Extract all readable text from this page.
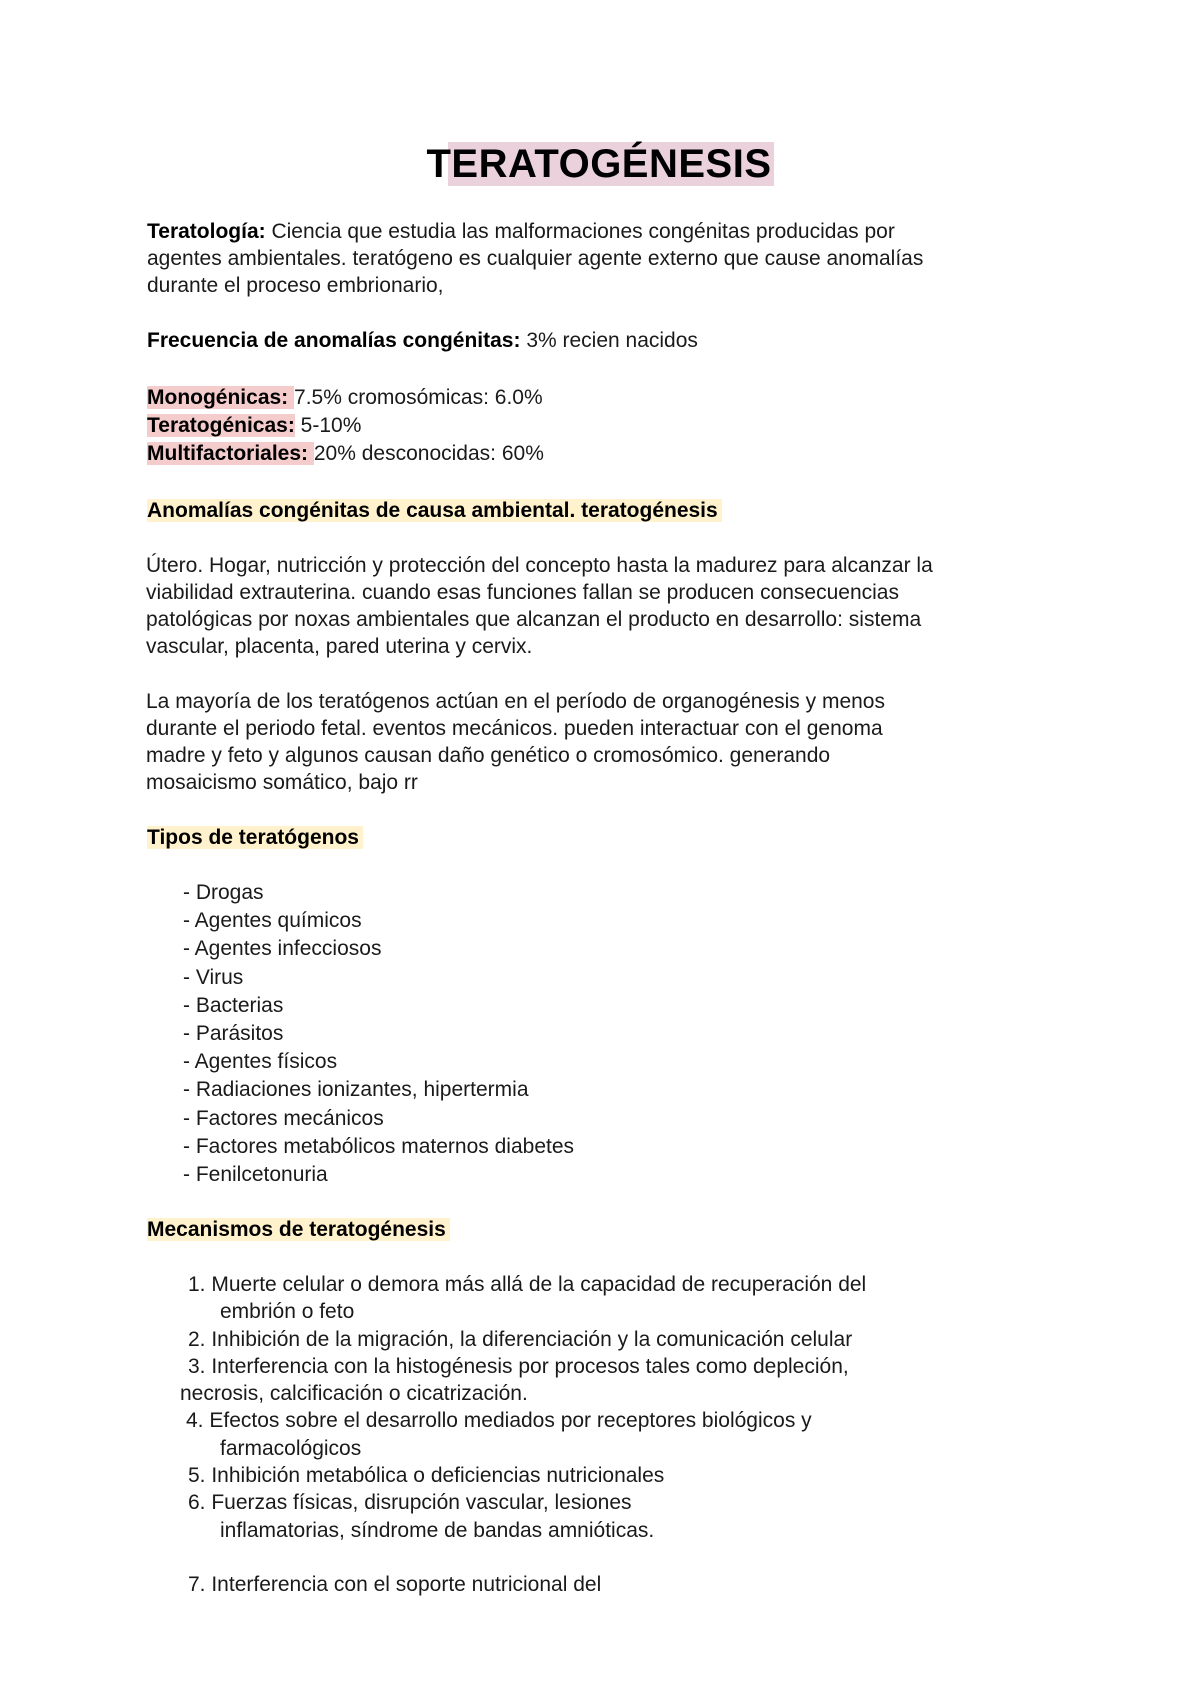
TERATOGÉNESIS
Teratología: Ciencia que estudia las malformaciones congénitas producidas por
agentes ambientales. teratógeno es cualquier agente externo que cause anomalías
durante el proceso embrionario,
Frecuencia de anomalías congénitas: 3% recien nacidos
Monogénicas: 7.5% cromosómicas: 6.0%
Teratogénicas: 5-10%
Multifactoriales: 20% desconocidas: 60%
Anomalías congénitas de causa ambiental. teratogénesis
Útero. Hogar, nutricción y protección del concepto hasta la madurez para alcanzar la
viabilidad extrauterina. cuando esas funciones fallan se producen consecuencias
patológicas por noxas ambientales que alcanzan el producto en desarrollo: sistema
vascular, placenta, pared uterina y cervix.
La mayoría de los teratógenos actúan en el período de organogénesis y menos
durante el periodo fetal. eventos mecánicos. pueden interactuar con el genoma
madre y feto y algunos causan daño genético o cromosómico. generando
mosaicismo somático, bajo rr
Tipos de teratógenos
- Drogas
- Agentes químicos
- Agentes infecciosos
- Virus
- Bacterias
- Parásitos
- Agentes físicos
- Radiaciones ionizantes, hipertermia
- Factores mecánicos
- Factores metabólicos maternos diabetes
- Fenilcetonuria
Mecanismos de teratogénesis
1. Muerte celular o demora más allá de la capacidad de recuperación del
embrión o feto
2. Inhibición de la migración, la diferenciación y la comunicación celular
3. Interferencia con la histogénesis por procesos tales como depleción,
necrosis, calcificación o cicatrización.
4. Efectos sobre el desarrollo mediados por receptores biológicos y
farmacológicos
5. Inhibición metabólica o deficiencias nutricionales
6. Fuerzas físicas, disrupción vascular, lesiones
inflamatorias, síndrome de bandas amnióticas.
7. Interferencia con el soporte nutricional del
